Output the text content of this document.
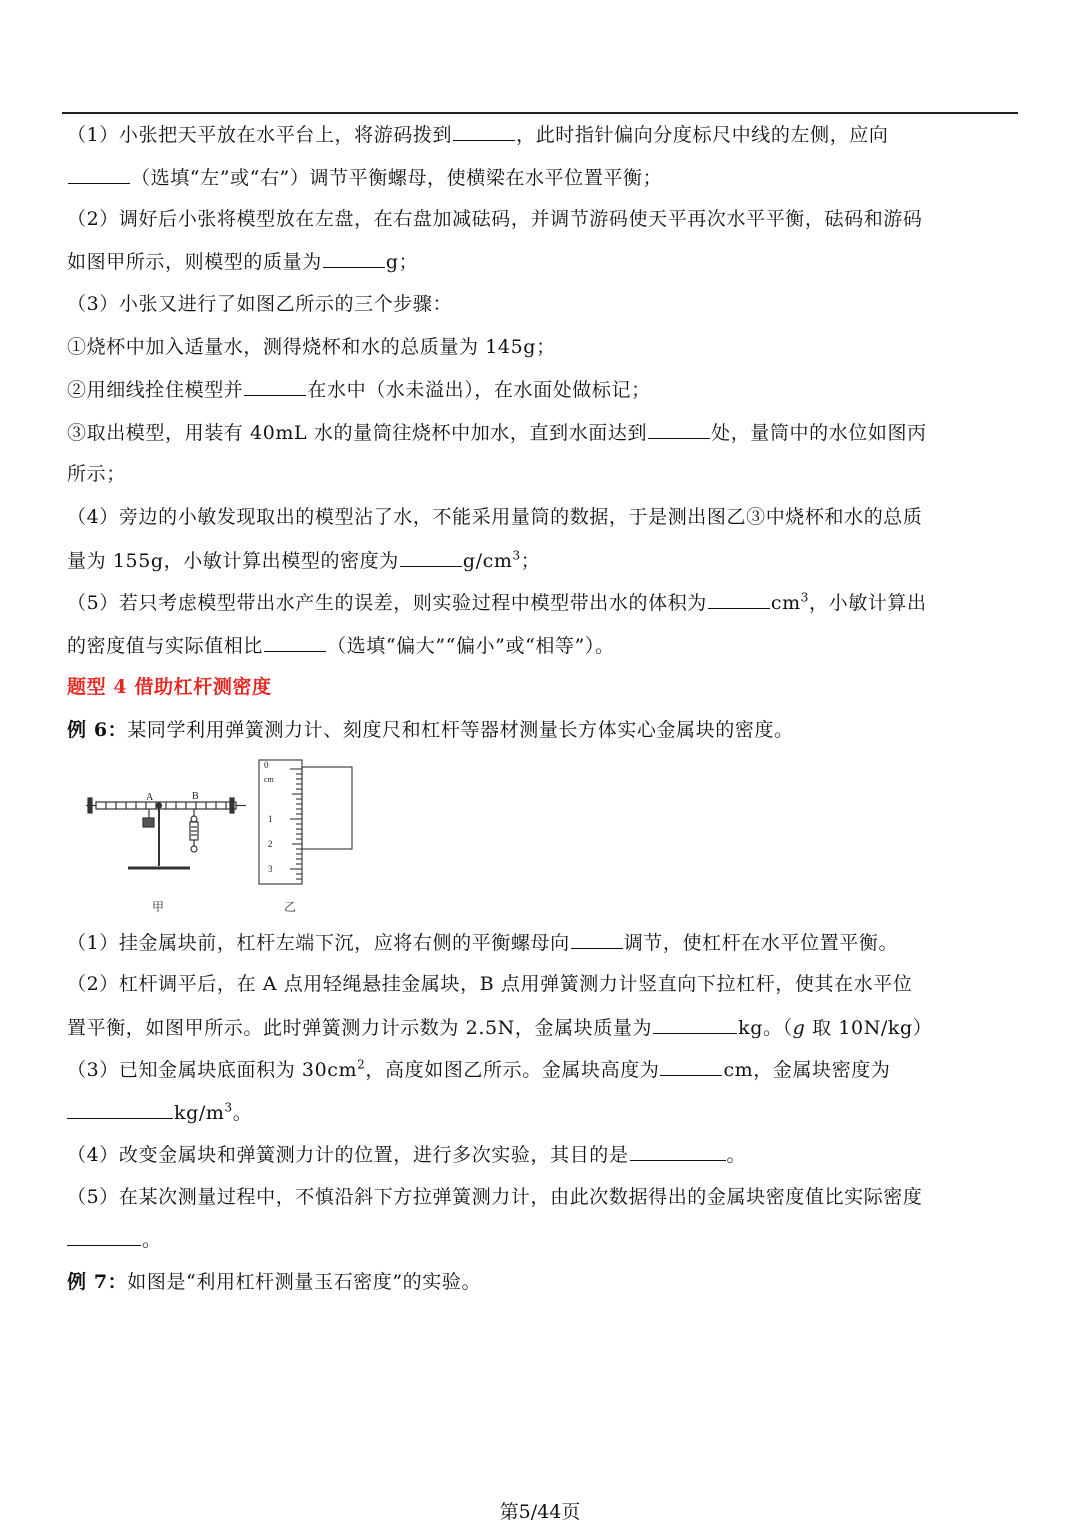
（1）小张把天平放在水平台上，将游码拨到	，此时指针偏向分度标尺中线的左侧，应向
（选填“左”或“右”）调节平衡螺母，使横梁在水平位置平衡；
（2）调好后小张将模型放在左盘，在右盘加减砝码，并调节游码使天平再次水平平衡，砝码和游码
如图甲所示，则模型的质量为	g；
（3）小张又进行了如图乙所示的三个步骤：
①烧杯中加入适量水，测得烧杯和水的总质量为 145g；
②用细线拴住模型并	在水中（水未溢出），在水面处做标记；
③取出模型，用装有 40mL 水的量筒往烧杯中加水，直到水面达到	处，量筒中的水位如图丙
所示；
（4）旁边的小敏发现取出的模型沾了水，不能采用量筒的数据，于是测出图乙③中烧杯和水的总质
量为 155g，小敏计算出模型的密度为	$g/cm^3$；
（5）若只考虑模型带出水产生的误差，则实验过程中模型带出水的体积为	$cm^3$，小敏计算出
的密度值与实际值相比	（选填“偏大”“偏小”或“相等”）。
题型 4 借助杠杆测密度
例 6：某同学利用弹簧测力计、刻度尺和杠杆等器材测量长方体实心金属块的密度。
A	B
0
cm
1
2
3
甲	乙
（1）挂金属块前，杠杆左端下沉，应将右侧的平衡螺母向	调节，使杠杆在水平位置平衡。
（2）杠杆调平后，在 A 点用轻绳悬挂金属块，B 点用弹簧测力计竖直向下拉杠杆，使其在水平位
置平衡，如图甲所示。此时弹簧测力计示数为 2.5N，金属块质量为	kg。（g 取 10N/kg）
（3）已知金属块底面积为 $30cm^2$，高度如图乙所示。金属块高度为	cm，金属块密度为
$kg/m^3$。
（4）改变金属块和弹簧测力计的位置，进行多次实验，其目的是	。
（5）在某次测量过程中，不慎沿斜下方拉弹簧测力计，由此次数据得出的金属块密度值比实际密度
。
例 7：如图是“利用杠杆测量玉石密度”的实验。
第5/44页
